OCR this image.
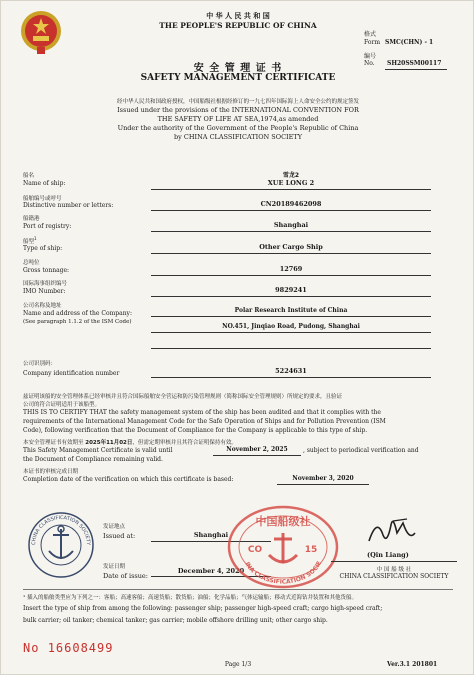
中 华 人 民 共 和 国
THE PEOPLE'S REPUBLIC OF CHINA
安 全 管 理 证 书
SAFETY MANAGEMENT CERTIFICATE
格式
Form SMC(CHN) - 1
编号
No. SH20SSM00117
经中华人民共和国政府授权，中国船级社根据经修订的一九七四年国际海上人命安全公约的规定签发
Issued under the provisions of the INTERNATIONAL CONVENTION FOR
THE SAFETY OF LIFE AT SEA,1974,as amended
Under the authority of the Government of the People's Republic of China
by CHINA CLASSIFICATION SOCIETY
船名
Name of ship:
雪龙2
XUE LONG 2
船舶编号或呼号
Distinctive number or letters:	CN20189462098
船籍港
Port of registry:	Shanghai
船型$^1$
Type of ship:	Other Cargo Ship
总吨位
Gross tonnage:	12769
国际海事组织编号
IMO Number:	9829241
公司名称及地址
Name and address of the Company:
(See paragraph 1.1.2 of the ISM Code)
Polar Research Institute of China
NO.451, Jinqiao Road, Pudong, Shanghai
公司识别码：
Company identification number	5224631
兹证明该船的安全管理体系已经审核并且符合国际船舶安全营运和防污染管理规则（简称国际安全管理规则）所规定的要求，且验证
公司的符合证明适用于该船型。
THIS IS TO CERTIFY THAT the safety management system of the ship has been audited and that it complies with the
requirements of the International Management Code for the Safe Operation of Ships and for Pollution Prevention (ISM
Code), following verification that the Document of Compliance for the Company is applicable to this type of ship.
本安全管理证书有效期至 2025年11月02日，但需定期审核并且其符合证明保持有效。
This Safety Management Certificate is valid until	November 2, 2025	, subject to periodical verification and
the Document of Compliance remaining valid.
本证书的审核完成日期
Completion date of the verification on which this certificate is based:	November 3, 2020
CHINA CLASSIFICATION SOCIETY
发证地点
Issued at:	Shanghai
发证日期
Date of issue:
December 4, 2020
中国船级社
CO	15
INA CLASSIFICATION SOCIE
(Qin Liang)
中 国 船 级 社
CHINA CLASSIFICATION SOCIETY
¹ 插入的船舶类型应为下列之一：客船；高速客船；高速货船；散货船；油船；化学品船；气体运输船；移动式近海钻井装置和其他货船。
Insert the type of ship from among the following: passenger ship; passenger high-speed craft; cargo high-speed craft;
bulk carrier; oil tanker; chemical tanker; gas carrier; mobile offshore drilling unit; other cargo ship.
No 16608499
Page 1/3	Ver.3.1 201801
